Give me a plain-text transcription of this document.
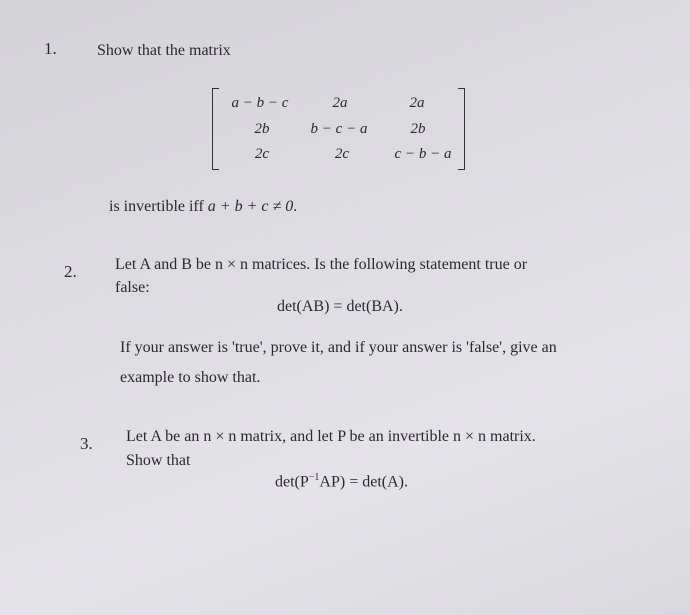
1.	Show that the matrix
a − b − c	2a	2a
2b	b − c − a	2b
2c	2c	c − b − a
is invertible iff a + b + c ≠ 0.
2. Let A and B be n × n matrices. Is the following statement true or
false:
det(AB) = det(BA).
If your answer is 'true', prove it, and if your answer is 'false', give an
example to show that.
3. Let A be an n × n matrix, and let P be an invertible n × n matrix.
Show that
$\det(P^{-1}AP) = \det(A)$.
